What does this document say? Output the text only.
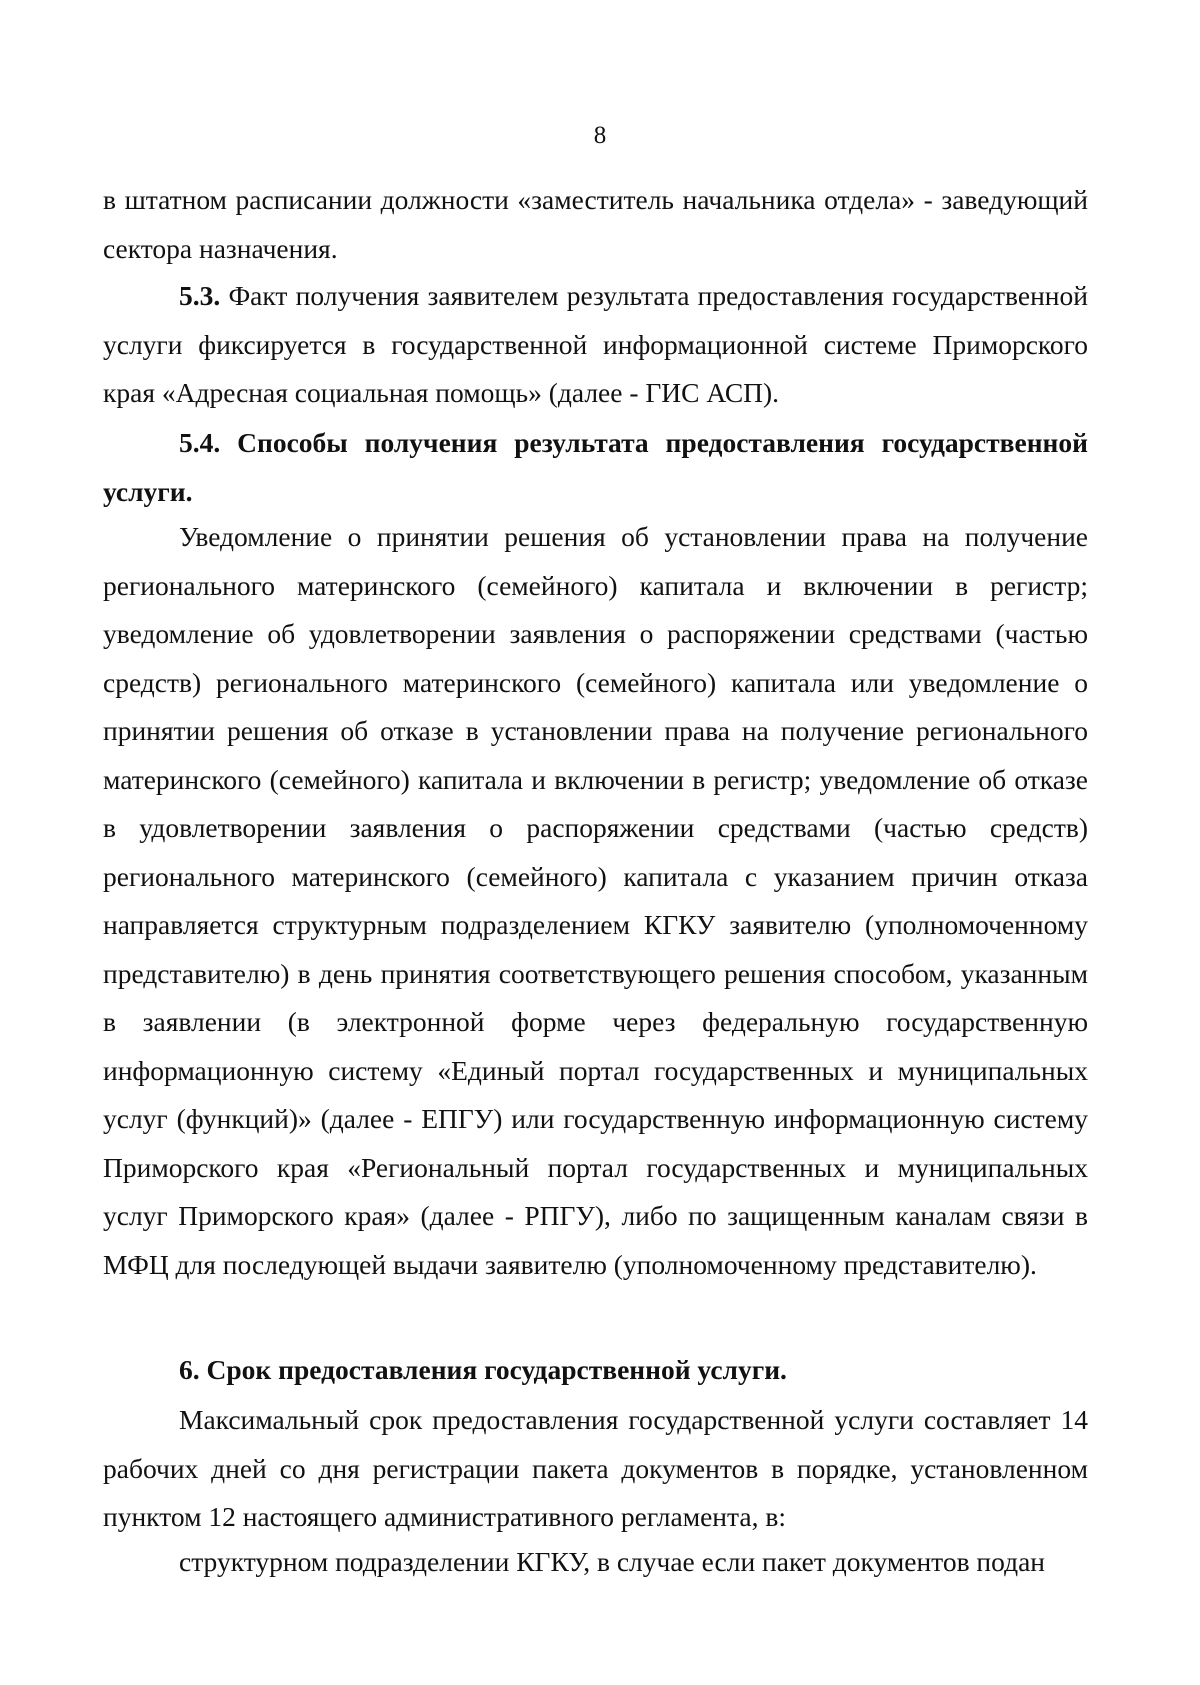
8

в штатном расписании должности «заместитель начальника отдела» - заведующий сектора назначения.

5.3. Факт получения заявителем результата предоставления государственной услуги фиксируется в государственной информационной системе Приморского края «Адресная социальная помощь» (далее - ГИС АСП).

5.4. Способы получения результата предоставления государственной услуги.

Уведомление о принятии решения об установлении права на получение регионального материнского (семейного) капитала и включении в регистр; уведомление об удовлетворении заявления о распоряжении средствами (частью средств) регионального материнского (семейного) капитала или уведомление о принятии решения об отказе в установлении права на получение регионального материнского (семейного) капитала и включении в регистр; уведомление об отказе в удовлетворении заявления о распоряжении средствами (частью средств) регионального материнского (семейного) капитала с указанием причин отказа направляется структурным подразделением КГКУ заявителю (уполномоченному представителю) в день принятия соответствующего решения способом, указанным в заявлении (в электронной форме через федеральную государственную информационную систему «Единый портал государственных и муниципальных услуг (функций)» (далее - ЕПГУ) или государственную информационную систему Приморского края «Региональный портал государственных и муниципальных услуг Приморского края» (далее - РПГУ), либо по защищенным каналам связи в МФЦ для последующей выдачи заявителю (уполномоченному представителю).

6. Срок предоставления государственной услуги.

Максимальный срок предоставления государственной услуги составляет 14 рабочих дней со дня регистрации пакета документов в порядке, установленном пунктом 12 настоящего административного регламента, в:

структурном подразделении КГКУ, в случае если пакет документов подан
